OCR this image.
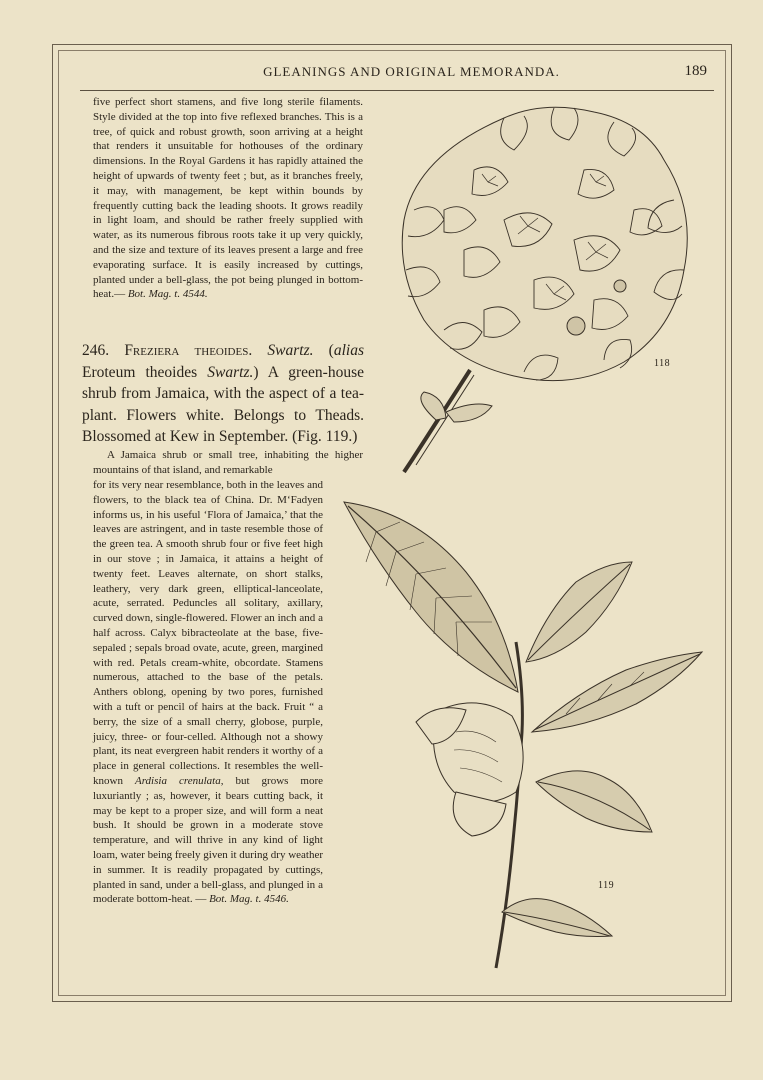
GLEANINGS AND ORIGINAL MEMORANDA.	189

five perfect short stamens, and five long sterile filaments. Style divided at the top into five reflexed branches. This is a tree, of quick and robust growth, soon arriving at a height that renders it unsuitable for hothouses of the ordinary dimensions. In the Royal Gardens it has rapidly attained the height of upwards of twenty feet ; but, as it branches freely, it may, with management, be kept within bounds by frequently cutting back the leading shoots. It grows readily in light loam, and should be rather freely supplied with water, as its numerous fibrous roots take it up very quickly, and the size and texture of its leaves present a large and free evaporating surface. It is easily increased by cuttings, planted under a bell-glass, the pot being plunged in bottom-heat.— Bot. Mag. t. 4544.

246. Freziera theoides. Swartz. (alias Eroteum theoides Swartz.) A green-house shrub from Jamaica, with the aspect of a tea-plant. Flowers white. Belongs to Theads. Blossomed at Kew in September. (Fig. 119.)

A Jamaica shrub or small tree, inhabiting the higher mountains of that island, and remarkable

for its very near resemblance, both in the leaves and flowers, to the black tea of China. Dr. M‘Fadyen informs us, in his useful ‘Flora of Jamaica,’ that the leaves are astringent, and in taste resemble those of the green tea. A smooth shrub four or five feet high in our stove ; in Jamaica, it attains a height of twenty feet. Leaves alternate, on short stalks, leathery, very dark green, elliptical-lanceolate, acute, serrated. Peduncles all solitary, axillary, curved down, single-flowered. Flower an inch and a half across. Calyx bibracteolate at the base, five-sepaled ; sepals broad ovate, acute, green, margined with red. Petals cream-white, obcordate. Stamens numerous, attached to the base of the petals. Anthers oblong, opening by two pores, furnished with a tuft or pencil of hairs at the back. Fruit “ a berry, the size of a small cherry, globose, purple, juicy, three- or four-celled. Although not a showy plant, its neat evergreen habit renders it worthy of a place in general collections. It resembles the well-known Ardisia crenulata, but grows more luxuriantly ; as, however, it bears cutting back, it may be kept to a proper size, and will form a neat bush. It should be grown in a moderate stove temperature, and will thrive in any kind of light loam, water being freely given it during dry weather in summer. It is readily propagated by cuttings, planted in sand, under a bell-glass, and plunged in a moderate bottom-heat. — Bot. Mag. t. 4546.

118
119
